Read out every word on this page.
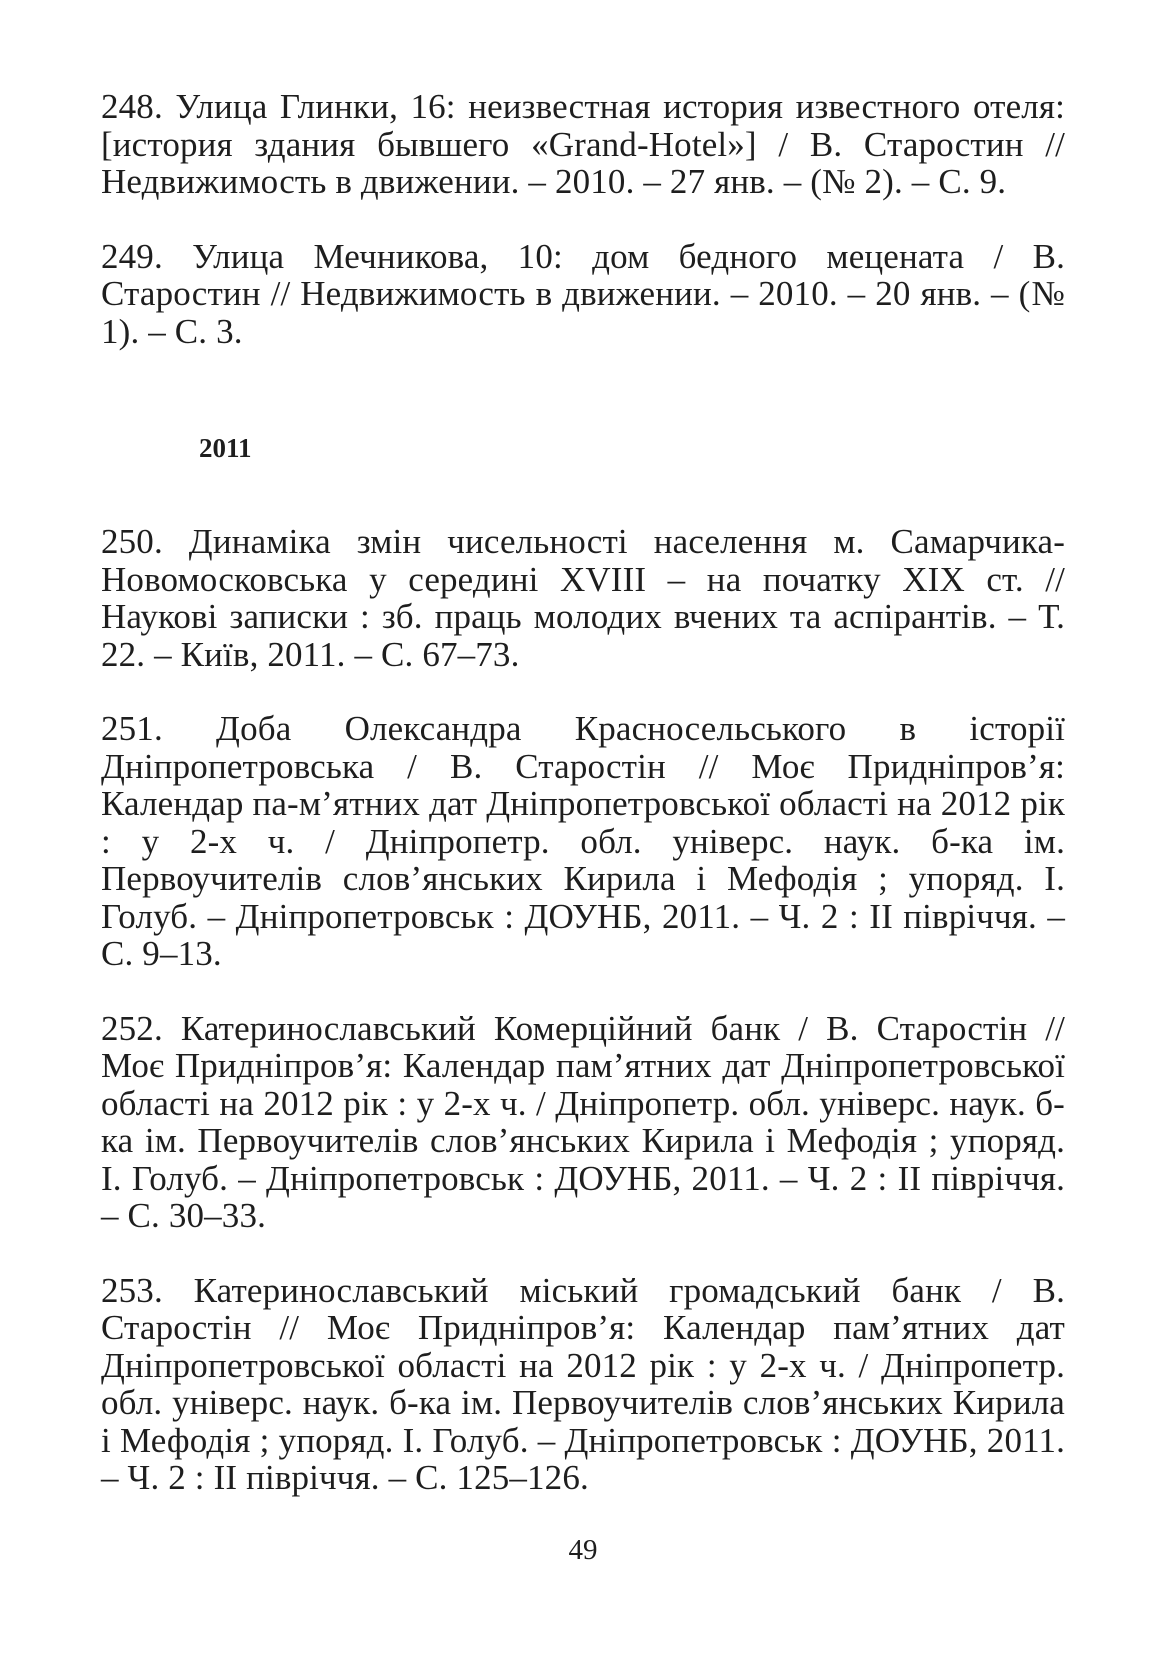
248. Улица Глинки, 16: неизвестная история известного отеля: [история здания бывшего «Grand-Hotel»] / В. Старостин // Недвижимость в движении. – 2010. – 27 янв. – (№ 2). – С. 9.

249. Улица Мечникова, 10: дом бедного мецената / В. Старостин // Недвижимость в движении. – 2010. – 20 янв. – (№ 1). – С. 3.

2011

250. Динаміка змін чисельності населення м. Самарчика-Новомосковська у середині XVIII – на початку XIX ст. // Наукові записки : зб. праць молодих вчених та аспірантів. – Т. 22. – Київ, 2011. – С. 67–73.

251. Доба Олександра Красносельського в історії Дніпропетровська / В. Старостін // Моє Придніпров’я: Календар па-м’ятних дат Дніпропетровської області на 2012 рік : у 2-х ч. / Дніпропетр. обл. універс. наук. б-ка ім. Первоучителів слов’янських Кирила і Мефодія ; упоряд. І. Голуб. – Дніпропетровськ : ДОУНБ, 2011. – Ч. 2 : ІІ півріччя. – С. 9–13.

252. Катеринославський Комерційний банк / В. Старостін // Моє Придніпров’я: Календар пам’ятних дат Дніпропетровської області на 2012 рік : у 2-х ч. / Дніпропетр. обл. універс. наук. б-ка ім. Первоучителів слов’янських Кирила і Мефодія ; упоряд. І. Голуб. – Дніпропетровськ : ДОУНБ, 2011. – Ч. 2 : ІІ півріччя. – С. 30–33.

253. Катеринославський міський громадський банк / В. Старостін // Моє Придніпров’я: Календар пам’ятних дат Дніпропетровської області на 2012 рік : у 2-х ч. / Дніпропетр. обл. універс. наук. б-ка ім. Первоучителів слов’янських Кирила і Мефодія ; упоряд. І. Голуб. – Дніпропетровськ : ДОУНБ, 2011. – Ч. 2 : ІІ півріччя. – С. 125–126.

49
